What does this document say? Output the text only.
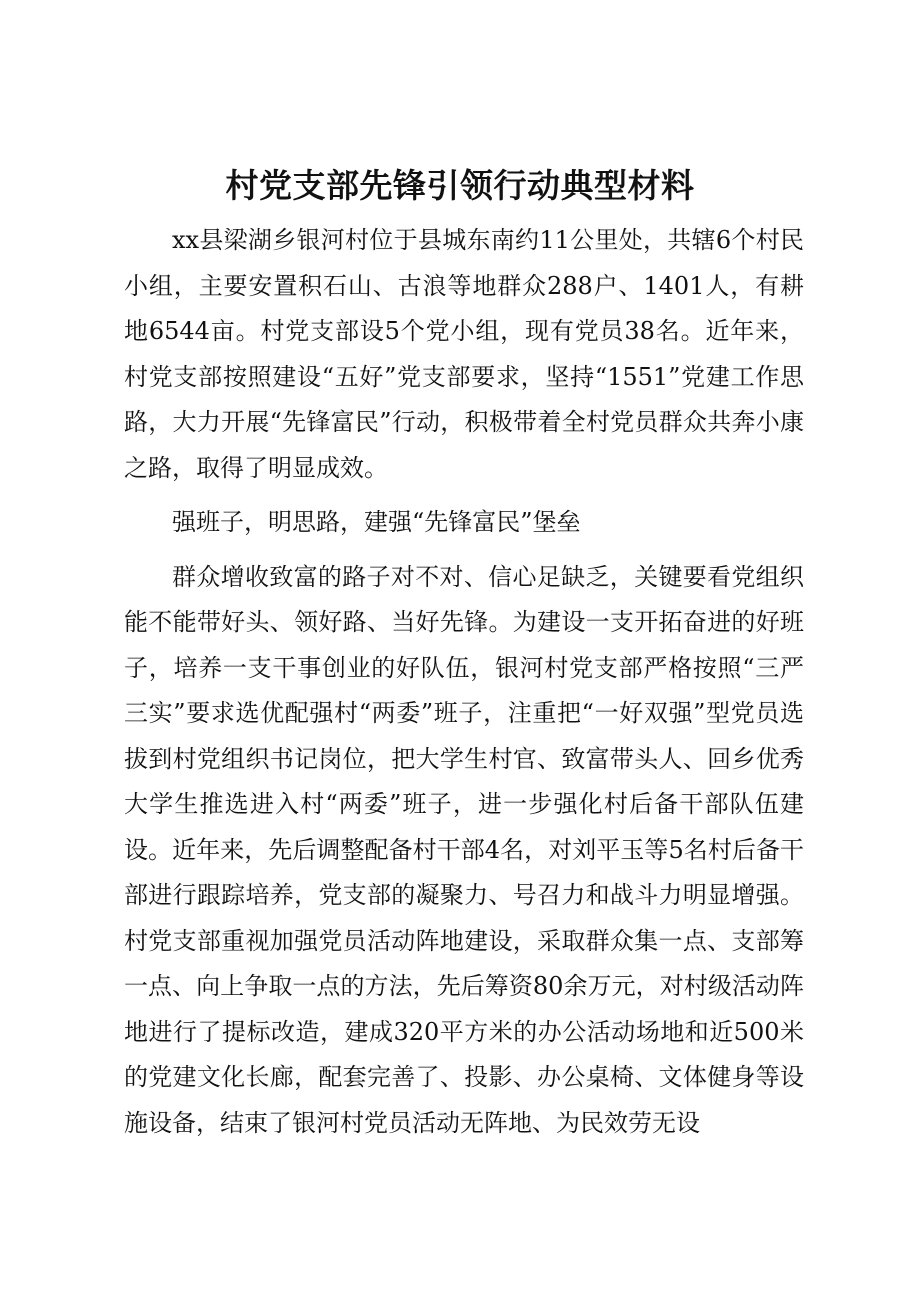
村党支部先锋引领行动典型材料

xx县梁湖乡银河村位于县城东南约11公里处，共辖6个村民小组，主要安置积石山、古浪等地群众288户、1401人，有耕地6544亩。村党支部设5个党小组，现有党员38名。近年来，村党支部按照建设“五好”党支部要求，坚持“1551”党建工作思路，大力开展“先锋富民”行动，积极带着全村党员群众共奔小康之路，取得了明显成效。

强班子，明思路，建强“先锋富民”堡垒

群众增收致富的路子对不对、信心足缺乏，关键要看党组织能不能带好头、领好路、当好先锋。为建设一支开拓奋进的好班子，培养一支干事创业的好队伍，银河村党支部严格按照“三严三实”要求选优配强村“两委”班子，注重把“一好双强”型党员选拔到村党组织书记岗位，把大学生村官、致富带头人、回乡优秀大学生推选进入村“两委”班子，进一步强化村后备干部队伍建设。近年来，先后调整配备村干部4名，对刘平玉等5名村后备干部进行跟踪培养，党支部的凝聚力、号召力和战斗力明显增强。村党支部重视加强党员活动阵地建设，采取群众集一点、支部筹一点、向上争取一点的方法，先后筹资80余万元，对村级活动阵地进行了提标改造，建成320平方米的办公活动场地和近500米的党建文化长廊，配套完善了、投影、办公桌椅、文体健身等设施设备，结束了银河村党员活动无阵地、为民效劳无设
